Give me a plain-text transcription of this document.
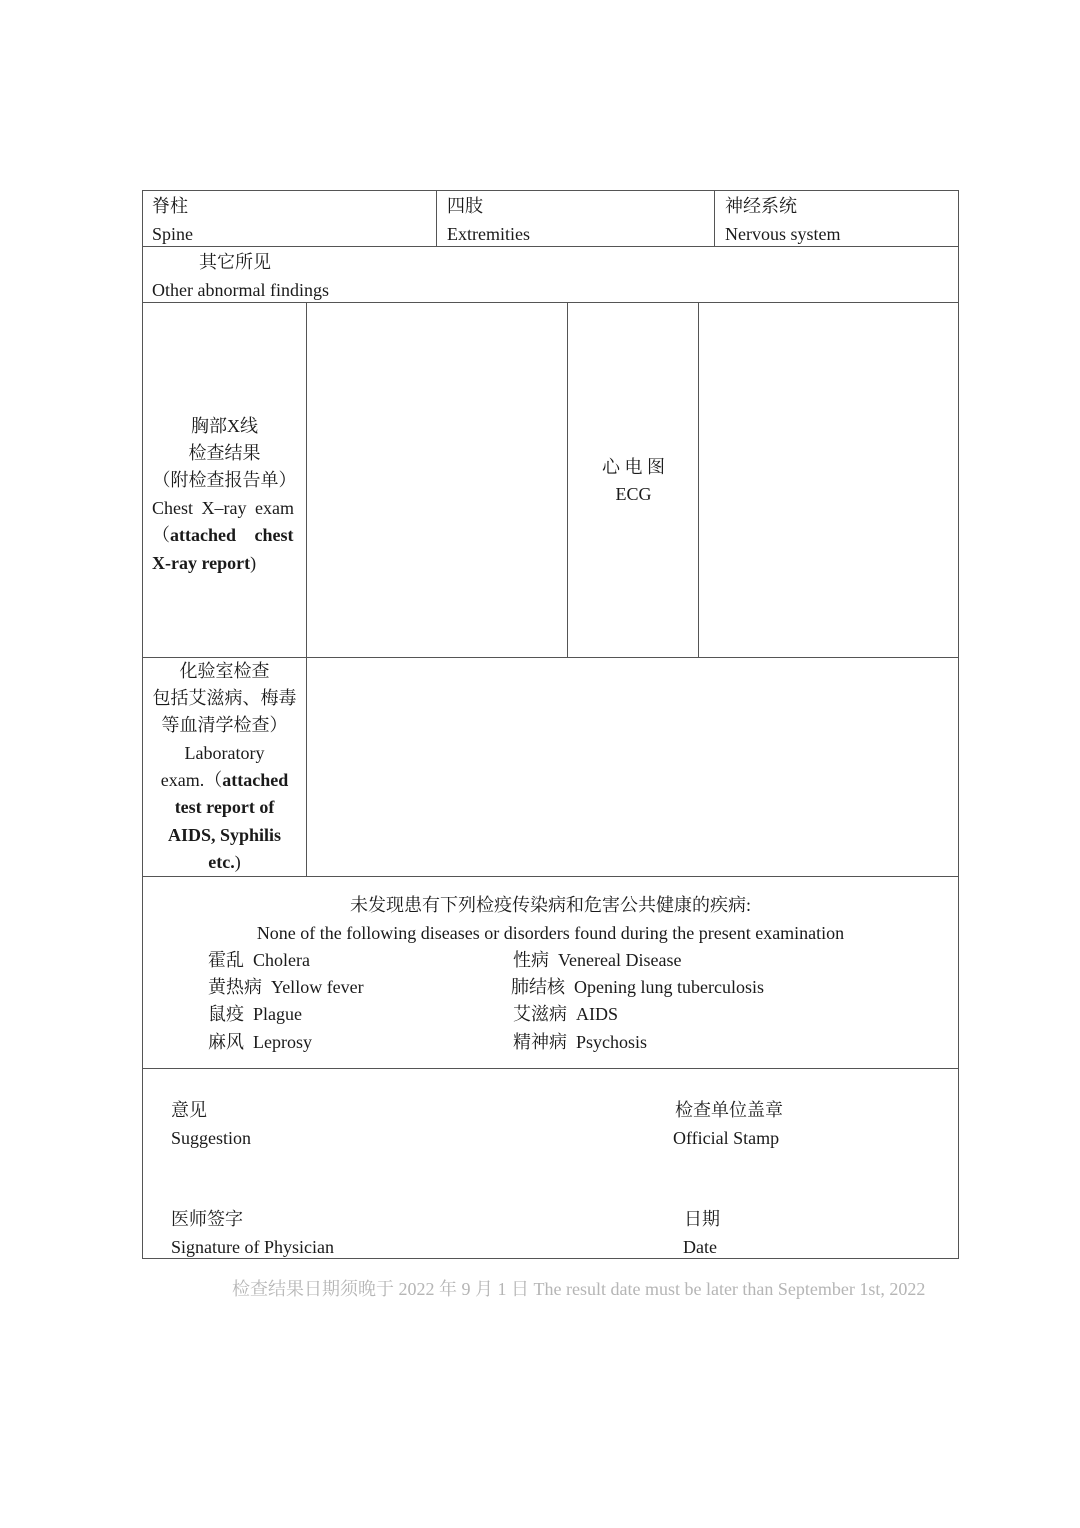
脊柱
Spine
四肢
Extremities
神经系统
Nervous system
其它所见
Other abnormal findings
胸部X线
检查结果
（附检查报告单）
Chest X–ray exam
（attached chest
X-ray report)
心 电 图
ECG
化验室检查
包括艾滋病、梅毒
等血清学检查）
Laboratory
exam.（attached
test report of
AIDS, Syphilis
etc.)
未发现患有下列检疫传染病和危害公共健康的疾病:
None of the following diseases or disorders found during the present examination
霍乱 Cholera
黄热病 Yellow fever
鼠疫 Plague
麻风 Leprosy
性病 Venereal Disease
肺结核 Opening lung tuberculosis
艾滋病 AIDS
精神病 Psychosis
意见
Suggestion
检查单位盖章
Official Stamp
医师签字
Signature of Physician
日期
Date
检查结果日期须晚于 2022 年 9 月 1 日 The result date must be later than September 1st, 2022
